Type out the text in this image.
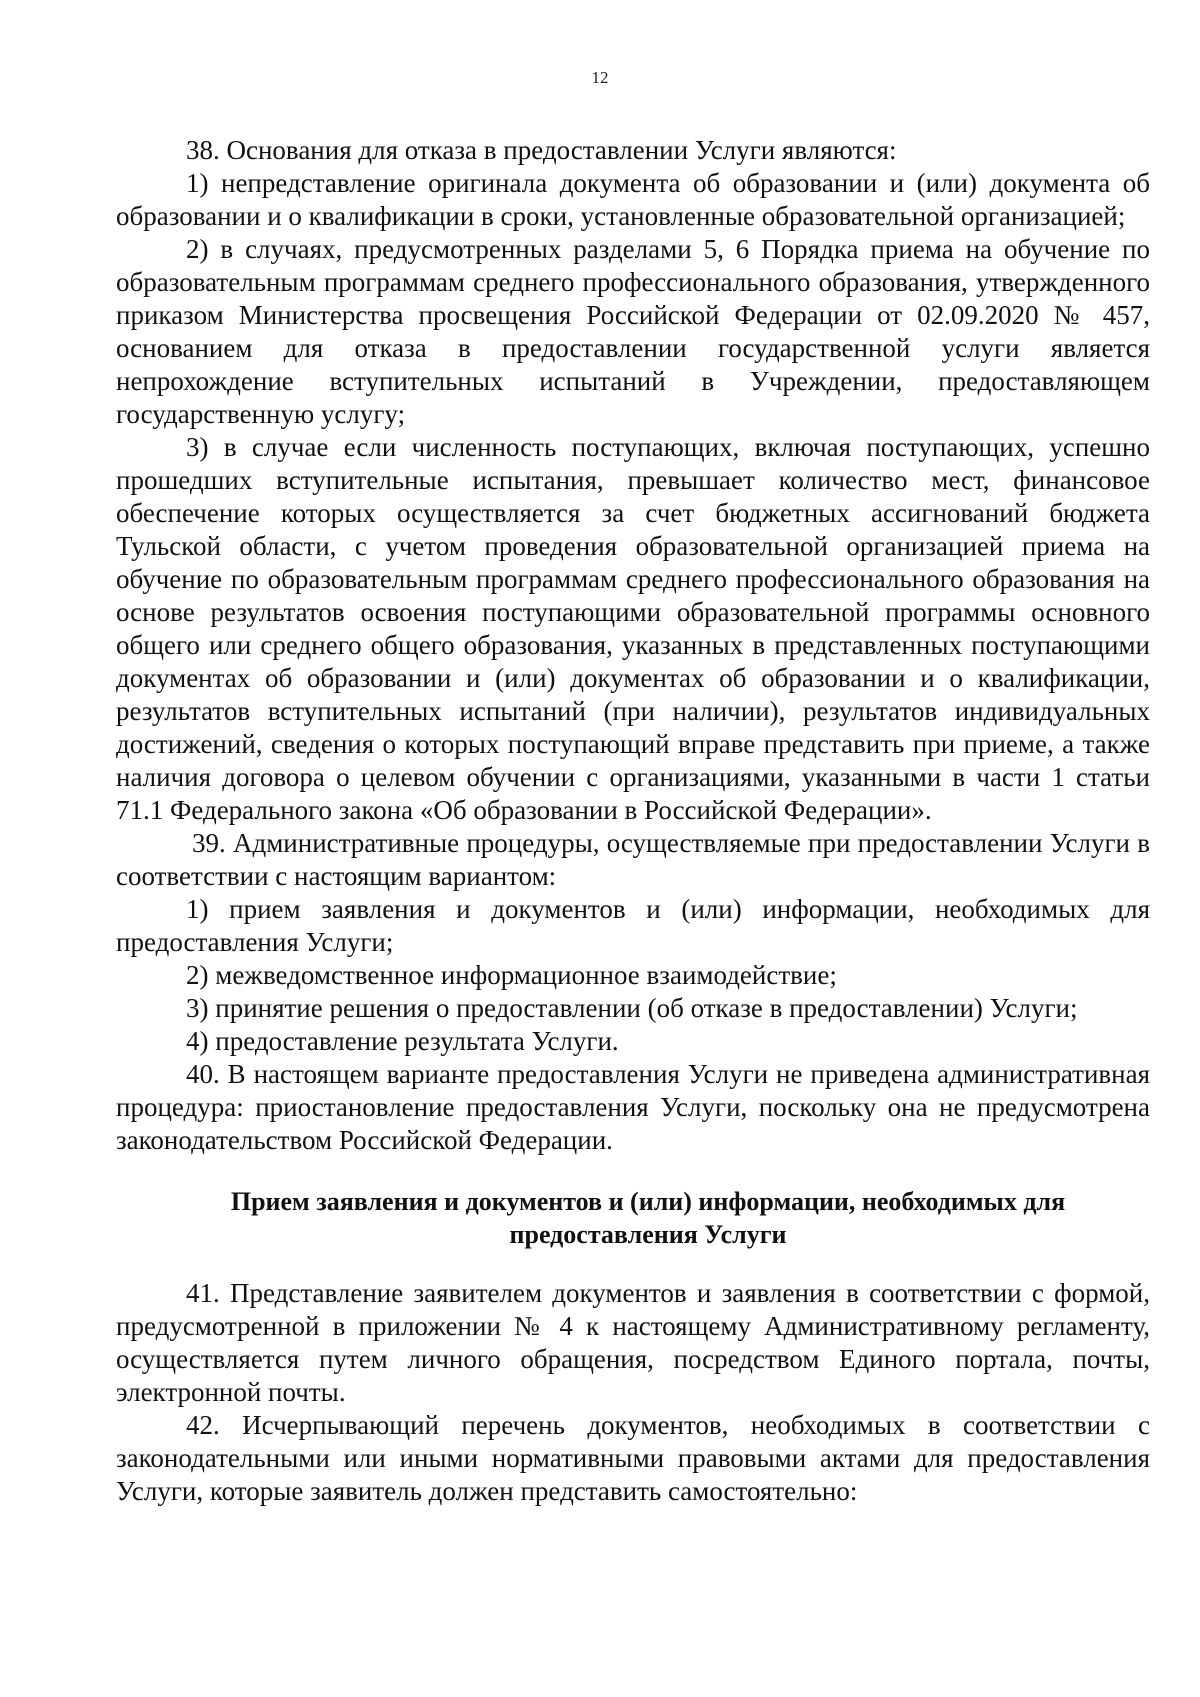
12

38. Основания для отказа в предоставлении Услуги являются:

1) непредставление оригинала документа об образовании и (или) документа об образовании и о квалификации в сроки, установленные образовательной организацией;

2) в случаях, предусмотренных разделами 5, 6 Порядка приема на обучение по образовательным программам среднего профессионального образования, утвержденного приказом Министерства просвещения Российской Федерации от 02.09.2020 № 457, основанием для отказа в предоставлении государственной услуги является непрохождение вступительных испытаний в Учреждении, предоставляющем государственную услугу;

3) в случае если численность поступающих, включая поступающих, успешно прошедших вступительные испытания, превышает количество мест, финансовое обеспечение которых осуществляется за счет бюджетных ассигнований бюджета Тульской области, с учетом проведения образовательной организацией приема на обучение по образовательным программам среднего профессионального образования на основе результатов освоения поступающими образовательной программы основного общего или среднего общего образования, указанных в представленных поступающими документах об образовании и (или) документах об образовании и о квалификации, результатов вступительных испытаний (при наличии), результатов индивидуальных достижений, сведения о которых поступающий вправе представить при приеме, а также наличия договора о целевом обучении с организациями, указанными в части 1 статьи 71.1 Федерального закона «Об образовании в Российской Федерации».

39. Административные процедуры, осуществляемые при предоставлении Услуги в соответствии с настоящим вариантом:

1) прием заявления и документов и (или) информации, необходимых для предоставления Услуги;

2) межведомственное информационное взаимодействие;

3) принятие решения о предоставлении (об отказе в предоставлении) Услуги;

4) предоставление результата Услуги.

40. В настоящем варианте предоставления Услуги не приведена административная процедура: приостановление предоставления Услуги, поскольку она не предусмотрена законодательством Российской Федерации.

Прием заявления и документов и (или) информации, необходимых для предоставления Услуги

41. Представление заявителем документов и заявления в соответствии с формой, предусмотренной в приложении № 4 к настоящему Административному регламенту, осуществляется путем личного обращения, посредством Единого портала, почты, электронной почты.

42. Исчерпывающий перечень документов, необходимых в соответствии с законодательными или иными нормативными правовыми актами для предоставления Услуги, которые заявитель должен представить самостоятельно:
